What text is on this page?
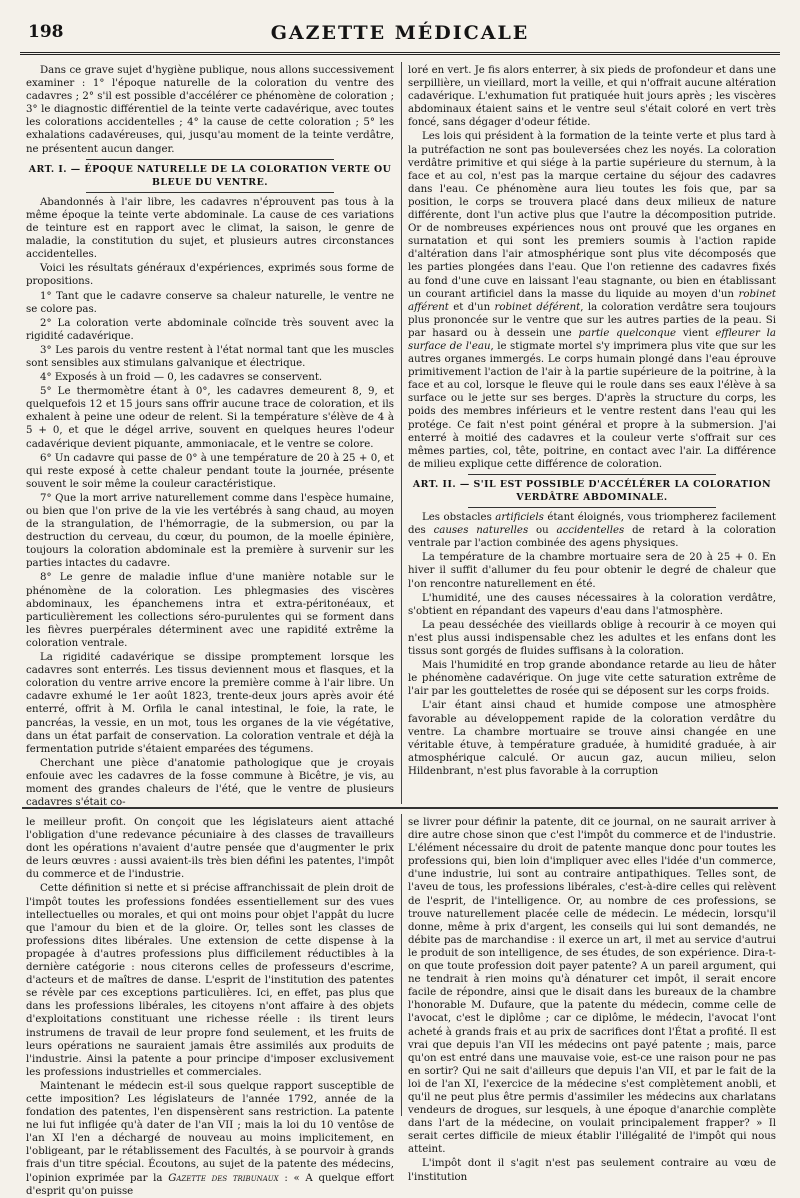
198	GAZETTE MÉDICALE

Dans ce grave sujet d'hygiène publique, nous allons successivement examiner : 1° l'époque naturelle de la coloration du ventre des cadavres ; 2° s'il est possible d'accélérer ce phénomène de coloration ; 3° le diagnostic différentiel de la teinte verte cadavérique, avec toutes les colorations accidentelles ; 4° la cause de cette coloration ; 5° les exhalations cadavéreuses, qui, jusqu'au moment de la teinte verdâtre, ne présentent aucun danger.

ART. I. — ÉPOQUE NATURELLE DE LA COLORATION VERTE OU BLEUE DU VENTRE.

Abandonnés à l'air libre, les cadavres n'éprouvent pas tous à la même époque la teinte verte abdominale. La cause de ces variations de teinture est en rapport avec le climat, la saison, le genre de maladie, la constitution du sujet, et plusieurs autres circonstances accidentelles.

Voici les résultats généraux d'expériences, exprimés sous forme de propositions.

1° Tant que le cadavre conserve sa chaleur naturelle, le ventre ne se colore pas.

2° La coloration verte abdominale coïncide très souvent avec la rigidité cadavérique.

3° Les parois du ventre restent à l'état normal tant que les muscles sont sensibles aux stimulans galvanique et électrique.

4° Exposés à un froid — 0, les cadavres se conservent.

5° Le thermomètre étant à 0°, les cadavres demeurent 8, 9, et quelquefois 12 et 15 jours sans offrir aucune trace de coloration, et ils exhalent à peine une odeur de relent. Si la température s'élève de 4 à 5 + 0, et que le dégel arrive, souvent en quelques heures l'odeur cadavérique devient piquante, ammoniacale, et le ventre se colore.

6° Un cadavre qui passe de 0° à une température de 20 à 25 + 0, et qui reste exposé à cette chaleur pendant toute la journée, présente souvent le soir même la couleur caractéristique.

7° Que la mort arrive naturellement comme dans l'espèce humaine, ou bien que l'on prive de la vie les vertébrés à sang chaud, au moyen de la strangulation, de l'hémorragie, de la submersion, ou par la destruction du cerveau, du cœur, du poumon, de la moelle épinière, toujours la coloration abdominale est la première à survenir sur les parties intactes du cadavre.

8° Le genre de maladie influe d'une manière notable sur le phénomène de la coloration. Les phlegmasies des viscères abdominaux, les épanchemens intra et extra-péritonéaux, et particulièrement les collections séro-purulentes qui se forment dans les fièvres puerpérales déterminent avec une rapidité extrême la coloration ventrale.

La rigidité cadavérique se dissipe promptement lorsque les cadavres sont enterrés. Les tissus deviennent mous et flasques, et la coloration du ventre arrive encore la première comme à l'air libre. Un cadavre exhumé le 1er août 1823, trente-deux jours après avoir été enterré, offrit à M. Orfila le canal intestinal, le foie, la rate, le pancréas, la vessie, en un mot, tous les organes de la vie végétative, dans un état parfait de conservation. La coloration ventrale et déjà la fermentation putride s'étaient emparées des tégumens.

Cherchant une pièce d'anatomie pathologique que je croyais enfouie avec les cadavres de la fosse commune à Bicêtre, je vis, au moment des grandes chaleurs de l'été, que le ventre de plusieurs cadavres s'était co-

loré en vert. Je fis alors enterrer, à six pieds de profondeur et dans une serpillière, un vieillard, mort la veille, et qui n'offrait aucune altération cadavérique. L'exhumation fut pratiquée huit jours après ; les viscères abdominaux étaient sains et le ventre seul s'était coloré en vert très foncé, sans dégager d'odeur fétide.

Les lois qui président à la formation de la teinte verte et plus tard à la putréfaction ne sont pas bouleversées chez les noyés. La coloration verdâtre primitive et qui siége à la partie supérieure du sternum, à la face et au col, n'est pas la marque certaine du séjour des cadavres dans l'eau. Ce phénomène aura lieu toutes les fois que, par sa position, le corps se trouvera placé dans deux milieux de nature différente, dont l'un active plus que l'autre la décomposition putride. Or de nombreuses expériences nous ont prouvé que les organes en surnatation et qui sont les premiers soumis à l'action rapide d'altération dans l'air atmosphérique sont plus vite décomposés que les parties plongées dans l'eau. Que l'on retienne des cadavres fixés au fond d'une cuve en laissant l'eau stagnante, ou bien en établissant un courant artificiel dans la masse du liquide au moyen d'un robinet afférent et d'un robinet déférent, la coloration verdâtre sera toujours plus prononcée sur le ventre que sur les autres parties de la peau. Si par hasard ou à dessein une partie quelconque vient effleurer la surface de l'eau, le stigmate mortel s'y imprimera plus vite que sur les autres organes immergés. Le corps humain plongé dans l'eau éprouve primitivement l'action de l'air à la partie supérieure de la poitrine, à la face et au col, lorsque le fleuve qui le roule dans ses eaux l'élève à sa surface ou le jette sur ses berges. D'après la structure du corps, les poids des membres inférieurs et le ventre restent dans l'eau qui les protége. Ce fait n'est point général et propre à la submersion. J'ai enterré à moitié des cadavres et la couleur verte s'offrait sur ces mêmes parties, col, tête, poitrine, en contact avec l'air. La différence de milieu explique cette différence de coloration.

ART. II. — S'IL EST POSSIBLE D'ACCÉLÉRER LA COLORATION VERDÂTRE ABDOMINALE.

Les obstacles artificiels étant éloignés, vous triompherez facilement des causes naturelles ou accidentelles de retard à la coloration ventrale par l'action combinée des agens physiques.

La température de la chambre mortuaire sera de 20 à 25 + 0. En hiver il suffit d'allumer du feu pour obtenir le degré de chaleur que l'on rencontre naturellement en été.

L'humidité, une des causes nécessaires à la coloration verdâtre, s'obtient en répandant des vapeurs d'eau dans l'atmosphère.

La peau desséchée des vieillards oblige à recourir à ce moyen qui n'est plus aussi indispensable chez les adultes et les enfans dont les tissus sont gorgés de fluides suffisans à la coloration.

Mais l'humidité en trop grande abondance retarde au lieu de hâter le phénomène cadavérique. On juge vite cette saturation extrême de l'air par les gouttelettes de rosée qui se déposent sur les corps froids.

L'air étant ainsi chaud et humide compose une atmosphère favorable au développement rapide de la coloration verdâtre du ventre. La chambre mortuaire se trouve ainsi changée en une véritable étuve, à température graduée, à humidité graduée, à air atmosphérique calculé. Or aucun gaz, aucun milieu, selon Hildenbrant, n'est plus favorable à la corruption

le meilleur profit. On conçoit que les législateurs aient attaché l'obligation d'une redevance pécuniaire à des classes de travailleurs dont les opérations n'avaient d'autre pensée que d'augmenter le prix de leurs œuvres : aussi avaient-ils très bien défini les patentes, l'impôt du commerce et de l'industrie.

Cette définition si nette et si précise affranchissait de plein droit de l'impôt toutes les professions fondées essentiellement sur des vues intellectuelles ou morales, et qui ont moins pour objet l'appât du lucre que l'amour du bien et de la gloire. Or, telles sont les classes de professions dites libérales. Une extension de cette dispense à la propagée à d'autres professions plus difficilement réductibles à la dernière catégorie : nous citerons celles de professeurs d'escrime, d'acteurs et de maîtres de danse. L'esprit de l'institution des patentes se révèle par ces exceptions particulières. Ici, en effet, pas plus que dans les professions libérales, les citoyens n'ont affaire à des objets d'exploitations constituant une richesse réelle : ils tirent leurs instrumens de travail de leur propre fond seulement, et les fruits de leurs opérations ne sauraient jamais être assimilés aux produits de l'industrie. Ainsi la patente a pour principe d'imposer exclusivement les professions industrielles et commerciales.

Maintenant le médecin est-il sous quelque rapport susceptible de cette imposition? Les législateurs de l'année 1792, année de la fondation des patentes, l'en dispensèrent sans restriction. La patente ne lui fut infligée qu'à dater de l'an VII ; mais la loi du 10 ventôse de l'an XI l'en a déchargé de nouveau au moins implicitement, en l'obligeant, par le rétablissement des Facultés, à se pourvoir à grands frais d'un titre spécial. Écoutons, au sujet de la patente des médecins, l'opinion exprimée par la Gazette des tribunaux : « A quelque effort d'esprit qu'on puisse

se livrer pour définir la patente, dit ce journal, on ne saurait arriver à dire autre chose sinon que c'est l'impôt du commerce et de l'industrie. L'élément nécessaire du droit de patente manque donc pour toutes les professions qui, bien loin d'impliquer avec elles l'idée d'un commerce, d'une industrie, lui sont au contraire antipathiques. Telles sont, de l'aveu de tous, les professions libérales, c'est-à-dire celles qui relèvent de l'esprit, de l'intelligence. Or, au nombre de ces professions, se trouve naturellement placée celle de médecin. Le médecin, lorsqu'il donne, même à prix d'argent, les conseils qui lui sont demandés, ne débite pas de marchandise : il exerce un art, il met au service d'autrui le produit de son intelligence, de ses études, de son expérience. Dira-t-on que toute profession doit payer patente? A un pareil argument, qui ne tendrait à rien moins qu'à dénaturer cet impôt, il serait encore facile de répondre, ainsi que le disait dans les bureaux de la chambre l'honorable M. Dufaure, que la patente du médecin, comme celle de l'avocat, c'est le diplôme ; car ce diplôme, le médecin, l'avocat l'ont acheté à grands frais et au prix de sacrifices dont l'État a profité. Il est vrai que depuis l'an VII les médecins ont payé patente ; mais, parce qu'on est entré dans une mauvaise voie, est-ce une raison pour ne pas en sortir? Qui ne sait d'ailleurs que depuis l'an VII, et par le fait de la loi de l'an XI, l'exercice de la médecine s'est complètement anobli, et qu'il ne peut plus être permis d'assimiler les médecins aux charlatans vendeurs de drogues, sur lesquels, à une époque d'anarchie complète dans l'art de la médecine, on voulait principalement frapper? » Il serait certes difficile de mieux établir l'illégalité de l'impôt qui nous atteint.

L'impôt dont il s'agit n'est pas seulement contraire au vœu de l'institution
